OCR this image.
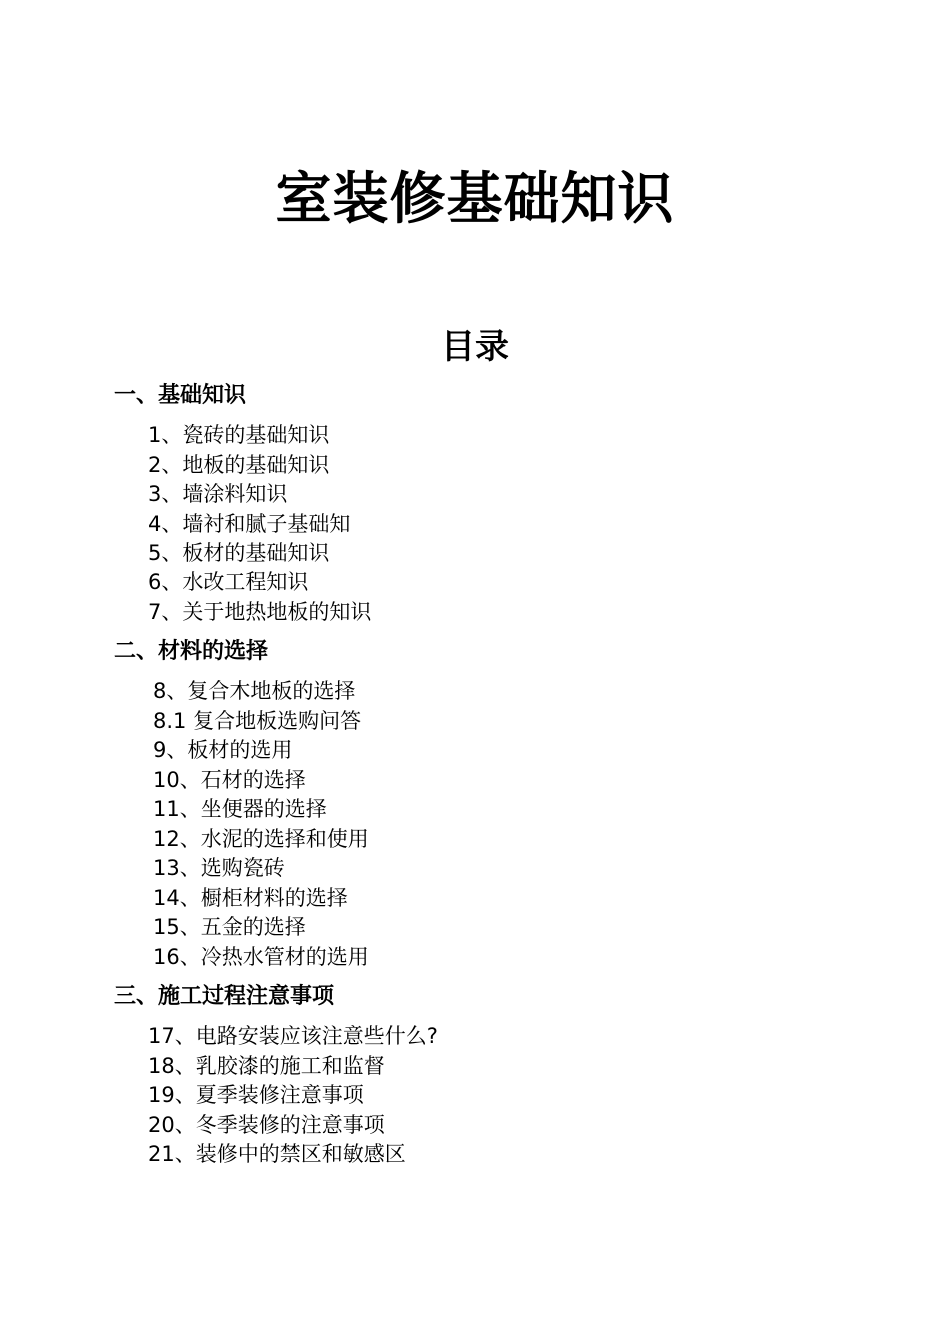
室装修基础知识
目录
一、基础知识
1、瓷砖的基础知识
2、地板的基础知识
3、墙涂料知识
4、墙衬和腻子基础知
5、板材的基础知识
6、水改工程知识
7、关于地热地板的知识
二、材料的选择
8、复合木地板的选择
8.1 复合地板选购问答
9、板材的选用
10、石材的选择
11、坐便器的选择
12、水泥的选择和使用
13、选购瓷砖
14、橱柜材料的选择
15、五金的选择
16、冷热水管材的选用
三、施工过程注意事项
17、电路安装应该注意些什么?
18、乳胶漆的施工和监督
19、夏季装修注意事项
20、冬季装修的注意事项
21、装修中的禁区和敏感区
